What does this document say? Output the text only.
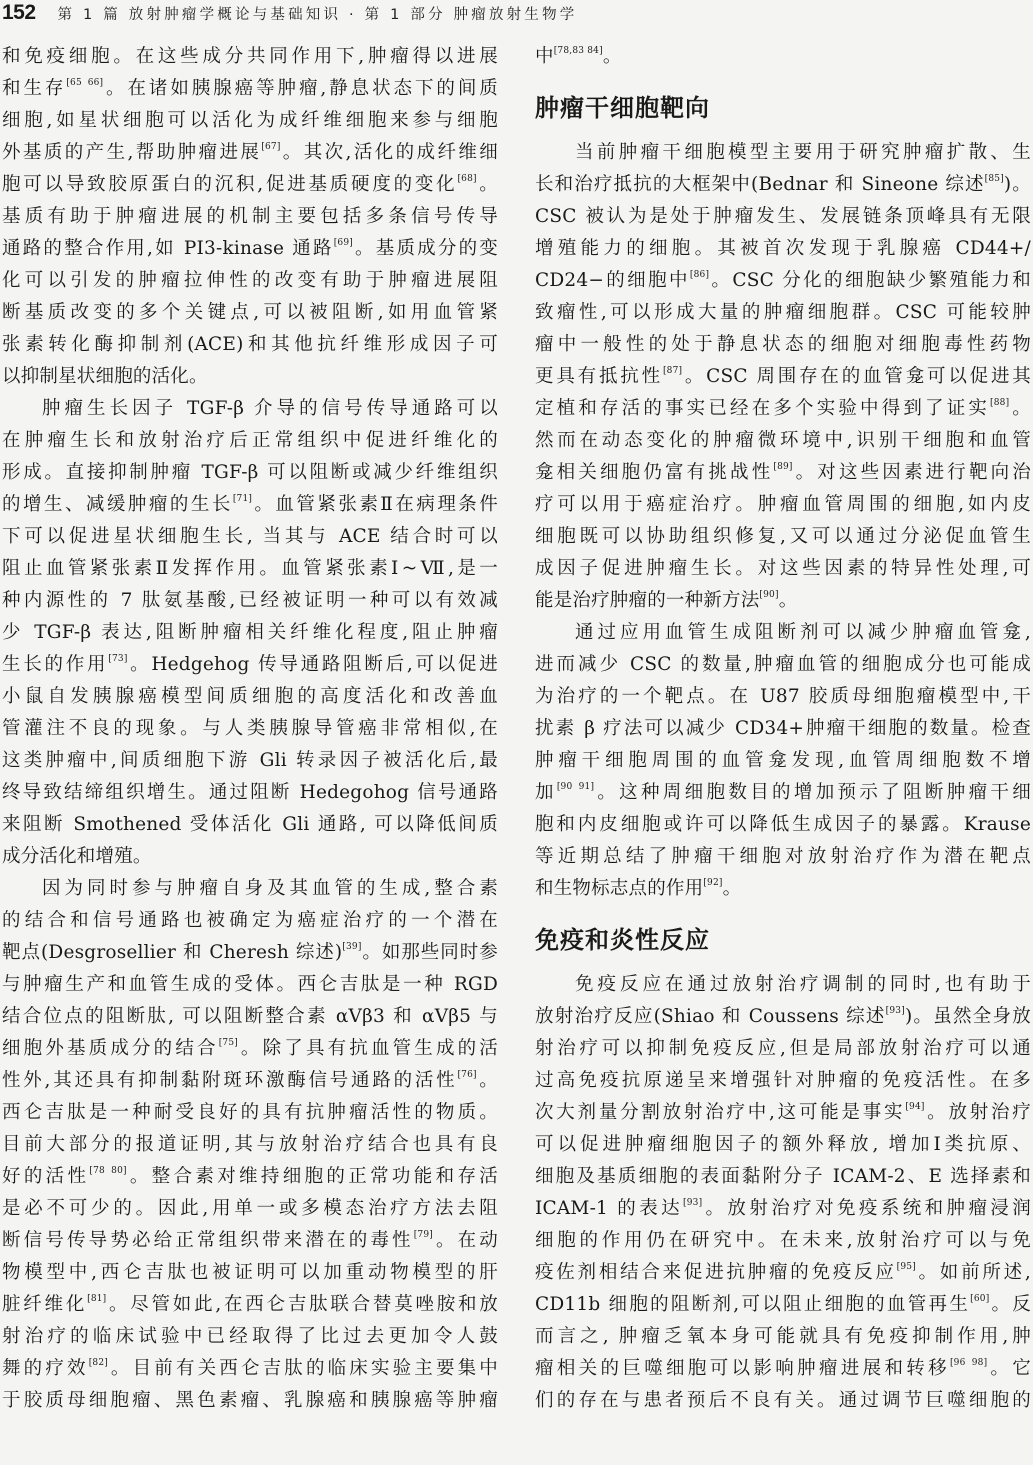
152 第 1 篇 放射肿瘤学概论与基础知识 · 第 1 部分 肿瘤放射生物学
和免疫细胞。在这些成分共同作用下,肿瘤得以进展
和生存[65 66]。在诸如胰腺癌等肿瘤,静息状态下的间质
细胞,如星状细胞可以活化为成纤维细胞来参与细胞
外基质的产生,帮助肿瘤进展[67]。其次,活化的成纤维细
胞可以导致胶原蛋白的沉积,促进基质硬度的变化[68]。
基质有助于肿瘤进展的机制主要包括多条信号传导
通路的整合作用,如 PI3-kinase 通路[69]。基质成分的变
化可以引发的肿瘤拉伸性的改变有助于肿瘤进展阻
断基质改变的多个关键点,可以被阻断,如用血管紧
张素转化酶抑制剂(ACE)和其他抗纤维形成因子可
以抑制星状细胞的活化。
肿瘤生长因子 TGF-β 介导的信号传导通路可以
在肿瘤生长和放射治疗后正常组织中促进纤维化的
形成。直接抑制肿瘤 TGF-β 可以阻断或减少纤维组织
的增生、减缓肿瘤的生长[71]。血管紧张素Ⅱ在病理条件
下可以促进星状细胞生长, 当其与 ACE 结合时可以
阻止血管紧张素Ⅱ发挥作用。血管紧张素Ⅰ~Ⅶ,是一
种内源性的 7 肽氨基酸,已经被证明一种可以有效减
少 TGF-β 表达,阻断肿瘤相关纤维化程度,阻止肿瘤
生长的作用[73]。Hedgehog 传导通路阻断后,可以促进
小鼠自发胰腺癌模型间质细胞的高度活化和改善血
管灌注不良的现象。与人类胰腺导管癌非常相似,在
这类肿瘤中,间质细胞下游 Gli 转录因子被活化后,最
终导致结缔组织增生。通过阻断 Hedegohog 信号通路
来阻断 Smothened 受体活化 Gli 通路, 可以降低间质
成分活化和增殖。
因为同时参与肿瘤自身及其血管的生成,整合素
的结合和信号通路也被确定为癌症治疗的一个潜在
靶点(Desgrosellier 和 Cheresh 综述)[39]。如那些同时参
与肿瘤生产和血管生成的受体。西仑吉肽是一种 RGD
结合位点的阻断肽, 可以阻断整合素 αVβ3 和 αVβ5 与
细胞外基质成分的结合[75]。除了具有抗血管生成的活
性外,其还具有抑制黏附斑环激酶信号通路的活性[76]。
西仑吉肽是一种耐受良好的具有抗肿瘤活性的物质。
目前大部分的报道证明,其与放射治疗结合也具有良
好的活性[78 80]。整合素对维持细胞的正常功能和存活
是必不可少的。因此,用单一或多模态治疗方法去阻
断信号传导势必给正常组织带来潜在的毒性[79]。在动
物模型中,西仑吉肽也被证明可以加重动物模型的肝
脏纤维化[81]。尽管如此,在西仑吉肽联合替莫唑胺和放
射治疗的临床试验中已经取得了比过去更加令人鼓
舞的疗效[82]。目前有关西仑吉肽的临床实验主要集中
于胶质母细胞瘤、黑色素瘤、乳腺癌和胰腺癌等肿瘤
中[78,83 84]。
肿瘤干细胞靶向
当前肿瘤干细胞模型主要用于研究肿瘤扩散、生
长和治疗抵抗的大框架中(Bednar 和 Sineone 综述[85])。
CSC 被认为是处于肿瘤发生、发展链条顶峰具有无限
增殖能力的细胞。其被首次发现于乳腺癌 CD44+/
CD24−的细胞中[86]。CSC 分化的细胞缺少繁殖能力和
致瘤性,可以形成大量的肿瘤细胞群。CSC 可能较肿
瘤中一般性的处于静息状态的细胞对细胞毒性药物
更具有抵抗性[87]。CSC 周围存在的血管龛可以促进其
定植和存活的事实已经在多个实验中得到了证实[88]。
然而在动态变化的肿瘤微环境中,识别干细胞和血管
龛相关细胞仍富有挑战性[89]。对这些因素进行靶向治
疗可以用于癌症治疗。肿瘤血管周围的细胞,如内皮
细胞既可以协助组织修复,又可以通过分泌促血管生
成因子促进肿瘤生长。对这些因素的特异性处理,可
能是治疗肿瘤的一种新方法[90]。
通过应用血管生成阻断剂可以减少肿瘤血管龛,
进而减少 CSC 的数量,肿瘤血管的细胞成分也可能成
为治疗的一个靶点。在 U87 胶质母细胞瘤模型中,干
扰素 β 疗法可以减少 CD34+肿瘤干细胞的数量。检查
肿瘤干细胞周围的血管龛发现,血管周细胞数不增
加[90 91]。这种周细胞数目的增加预示了阻断肿瘤干细
胞和内皮细胞或许可以降低生成因子的暴露。Krause
等近期总结了肿瘤干细胞对放射治疗作为潜在靶点
和生物标志点的作用[92]。
免疫和炎性反应
免疫反应在通过放射治疗调制的同时,也有助于
放射治疗反应(Shiao 和 Coussens 综述[93])。虽然全身放
射治疗可以抑制免疫反应,但是局部放射治疗可以通
过高免疫抗原递呈来增强针对肿瘤的免疫活性。在多
次大剂量分割放射治疗中,这可能是事实[94]。放射治疗
可以促进肿瘤细胞因子的额外释放, 增加Ⅰ类抗原、
细胞及基质细胞的表面黏附分子 ICAM-2、E 选择素和
ICAM-1 的表达[93]。放射治疗对免疫系统和肿瘤浸润
细胞的作用仍在研究中。在未来,放射治疗可以与免
疫佐剂相结合来促进抗肿瘤的免疫反应[95]。如前所述,
CD11b 细胞的阻断剂,可以阻止细胞的血管再生[60]。反
而言之, 肿瘤乏氧本身可能就具有免疫抑制作用,肿
瘤相关的巨噬细胞可以影响肿瘤进展和转移[96 98]。它
们的存在与患者预后不良有关。通过调节巨噬细胞的
